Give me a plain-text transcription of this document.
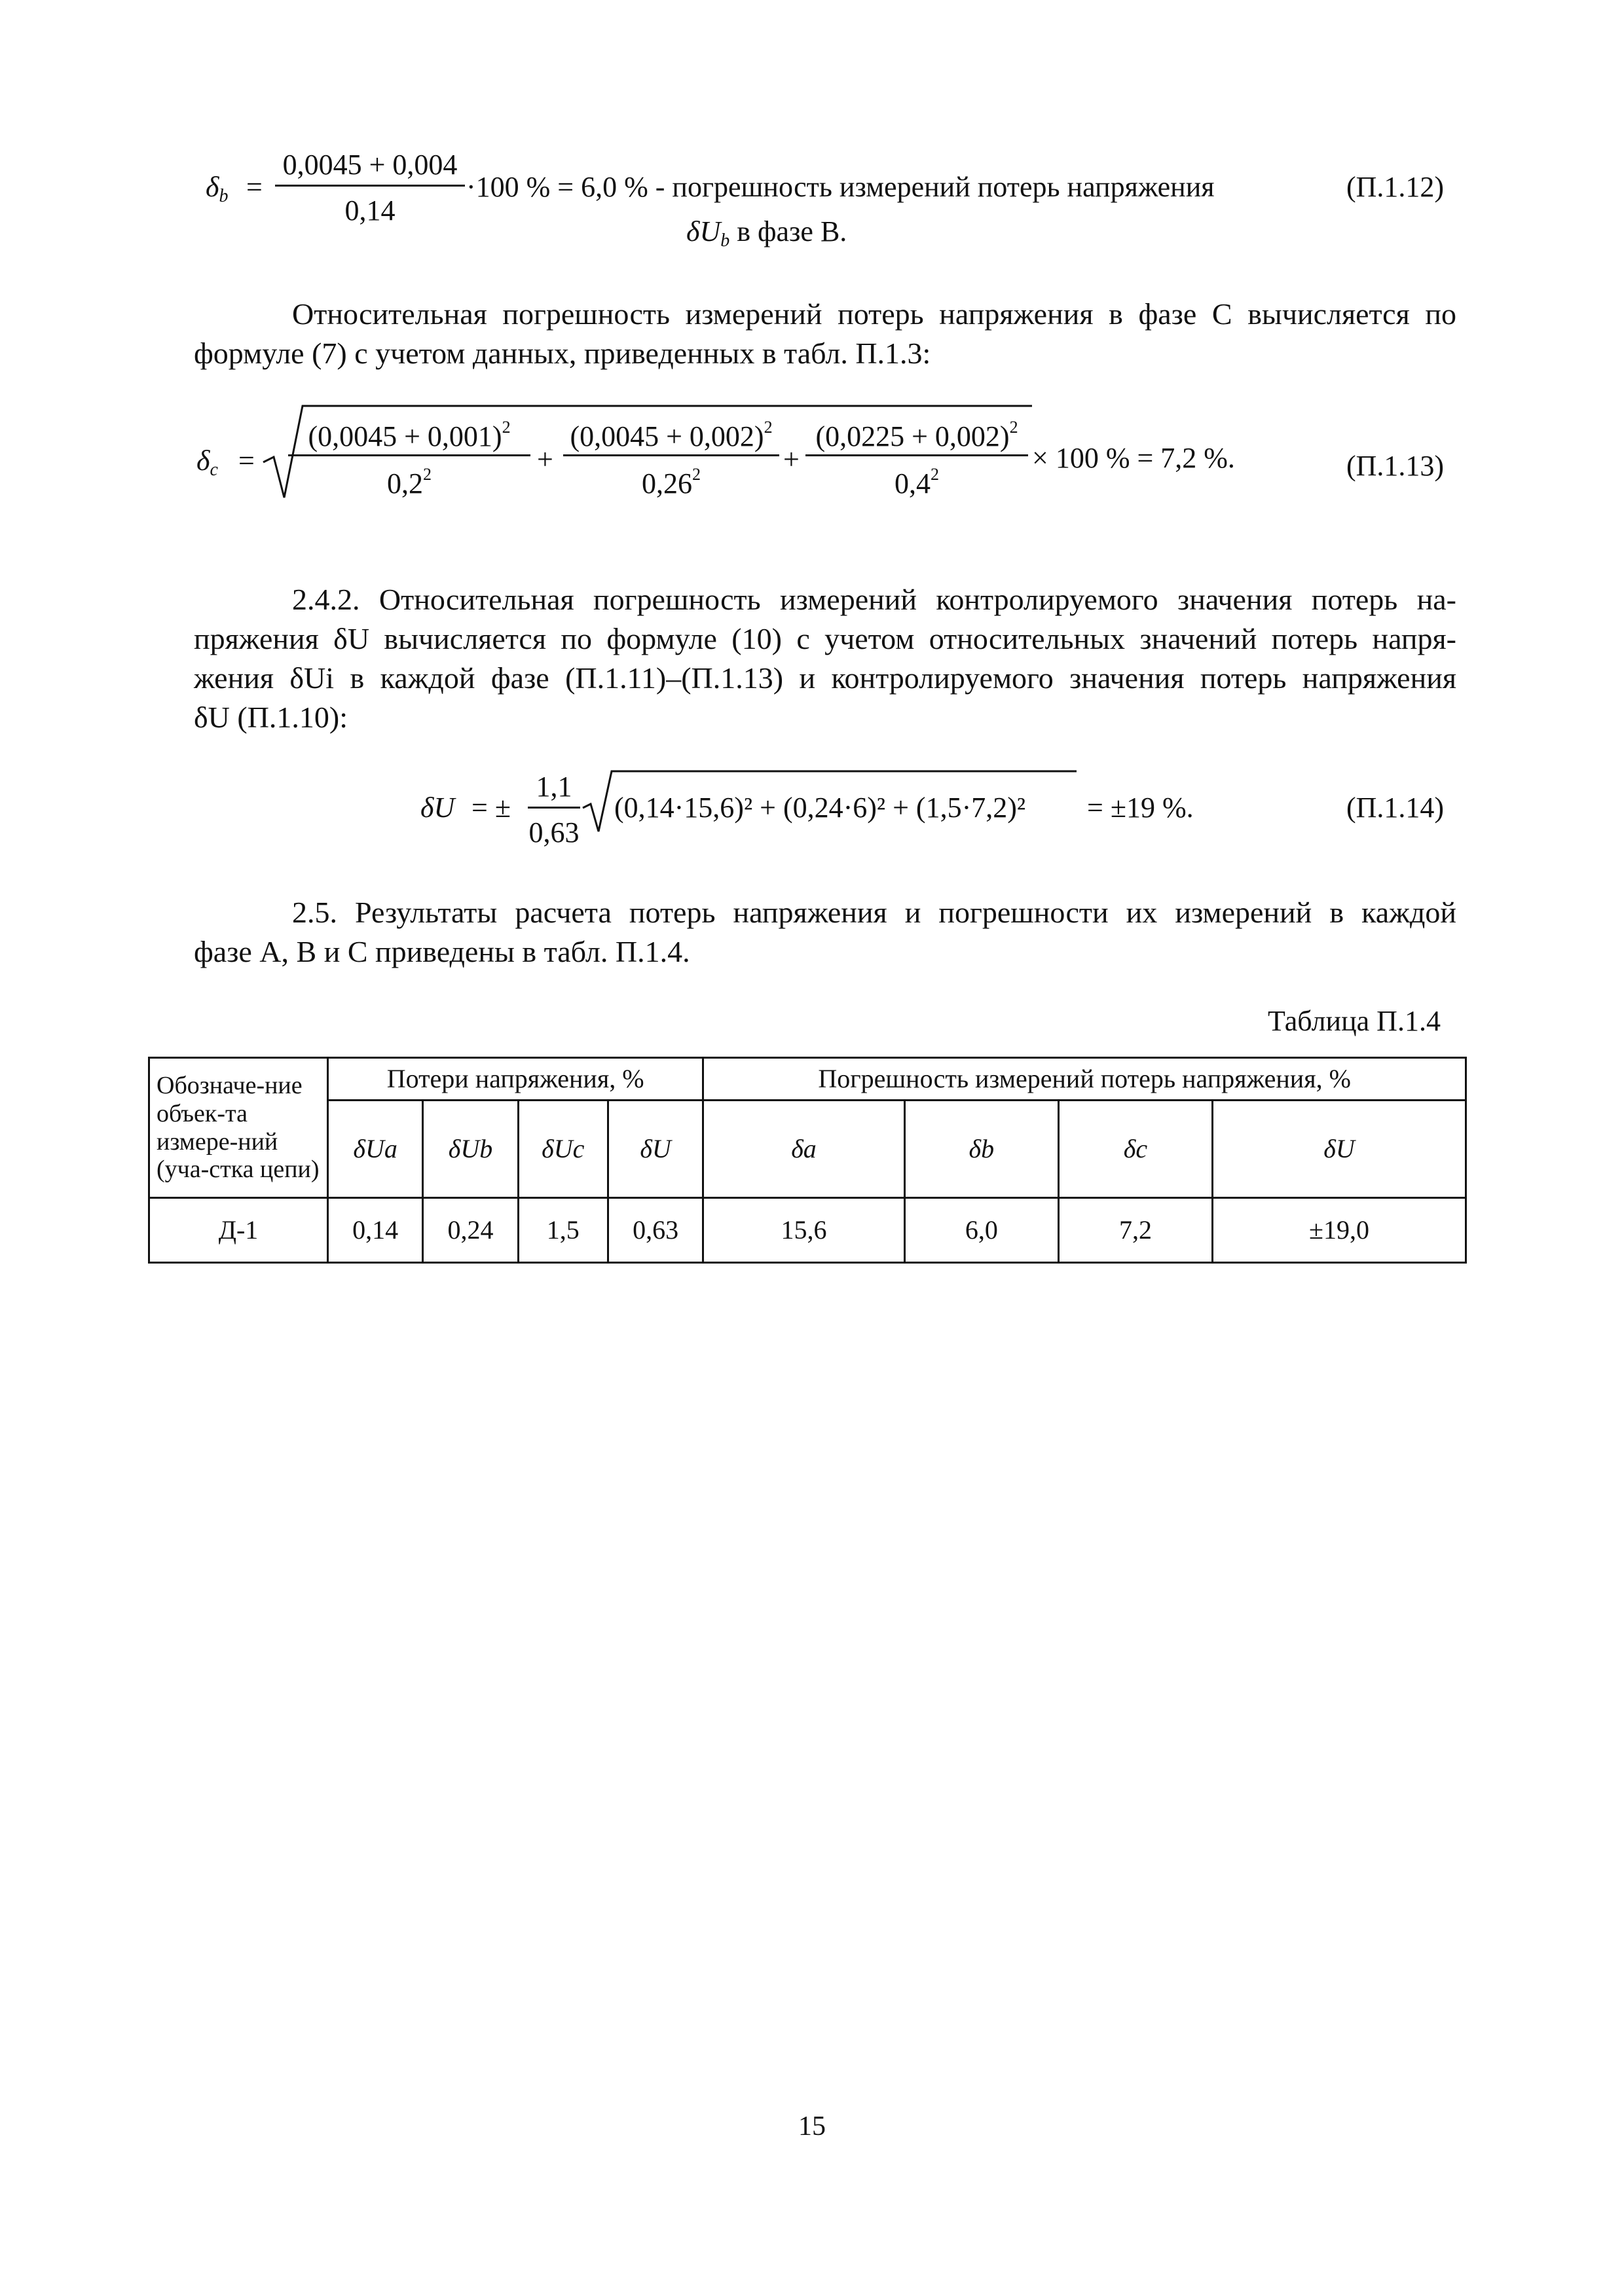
$\delta_b$ =
0,0045 + 0,004
0,14
·100 % = 6,0 % - погрешность измерений потерь напряжения
$\delta U_b$ в фазе В.
(П.1.12)
Относительная погрешность измерений потерь напряжения в фазе С вычисляется по
формуле (7) с учетом данных, приведенных в табл. П.1.3:
$\delta_c$ =
$(0,0045 + 0,001)^2$
$0,2^2$	+
$(0,0045 + 0,002)^2$
$0,26^2$	+
$(0,0225 + 0,002)^2$
$0,4^2$
× 100 % = 7,2 %.	(П.1.13)
2.4.2. Относительная погрешность измерений контролируемого значения потерь на-
пряжения δU вычисляется по формуле (10) с учетом относительных значений потерь напря-
жения δUi в каждой фазе (П.1.11)–(П.1.13) и контролируемого значения потерь напряжения
δU (П.1.10):
δU = ±
1,1
0,63
(0,14·15,6)² + (0,24·6)² + (1,5·7,2)² = ±19 %.	(П.1.14)
2.5. Результаты расчета потерь напряжения и погрешности их измерений в каждой
фазе А, В и С приведены в табл. П.1.4.
Таблица П.1.4
Обозначе-ние объек-та измере-ний (уча-стка цепи)	Потери напряжения, %				Погрешность измерений потерь напряжения, %			
	δUa	δUb	δUc	δU	δa	δb	δc	δU
Д-1	0,14	0,24	1,5	0,63	15,6	6,0	7,2	±19,0
15
